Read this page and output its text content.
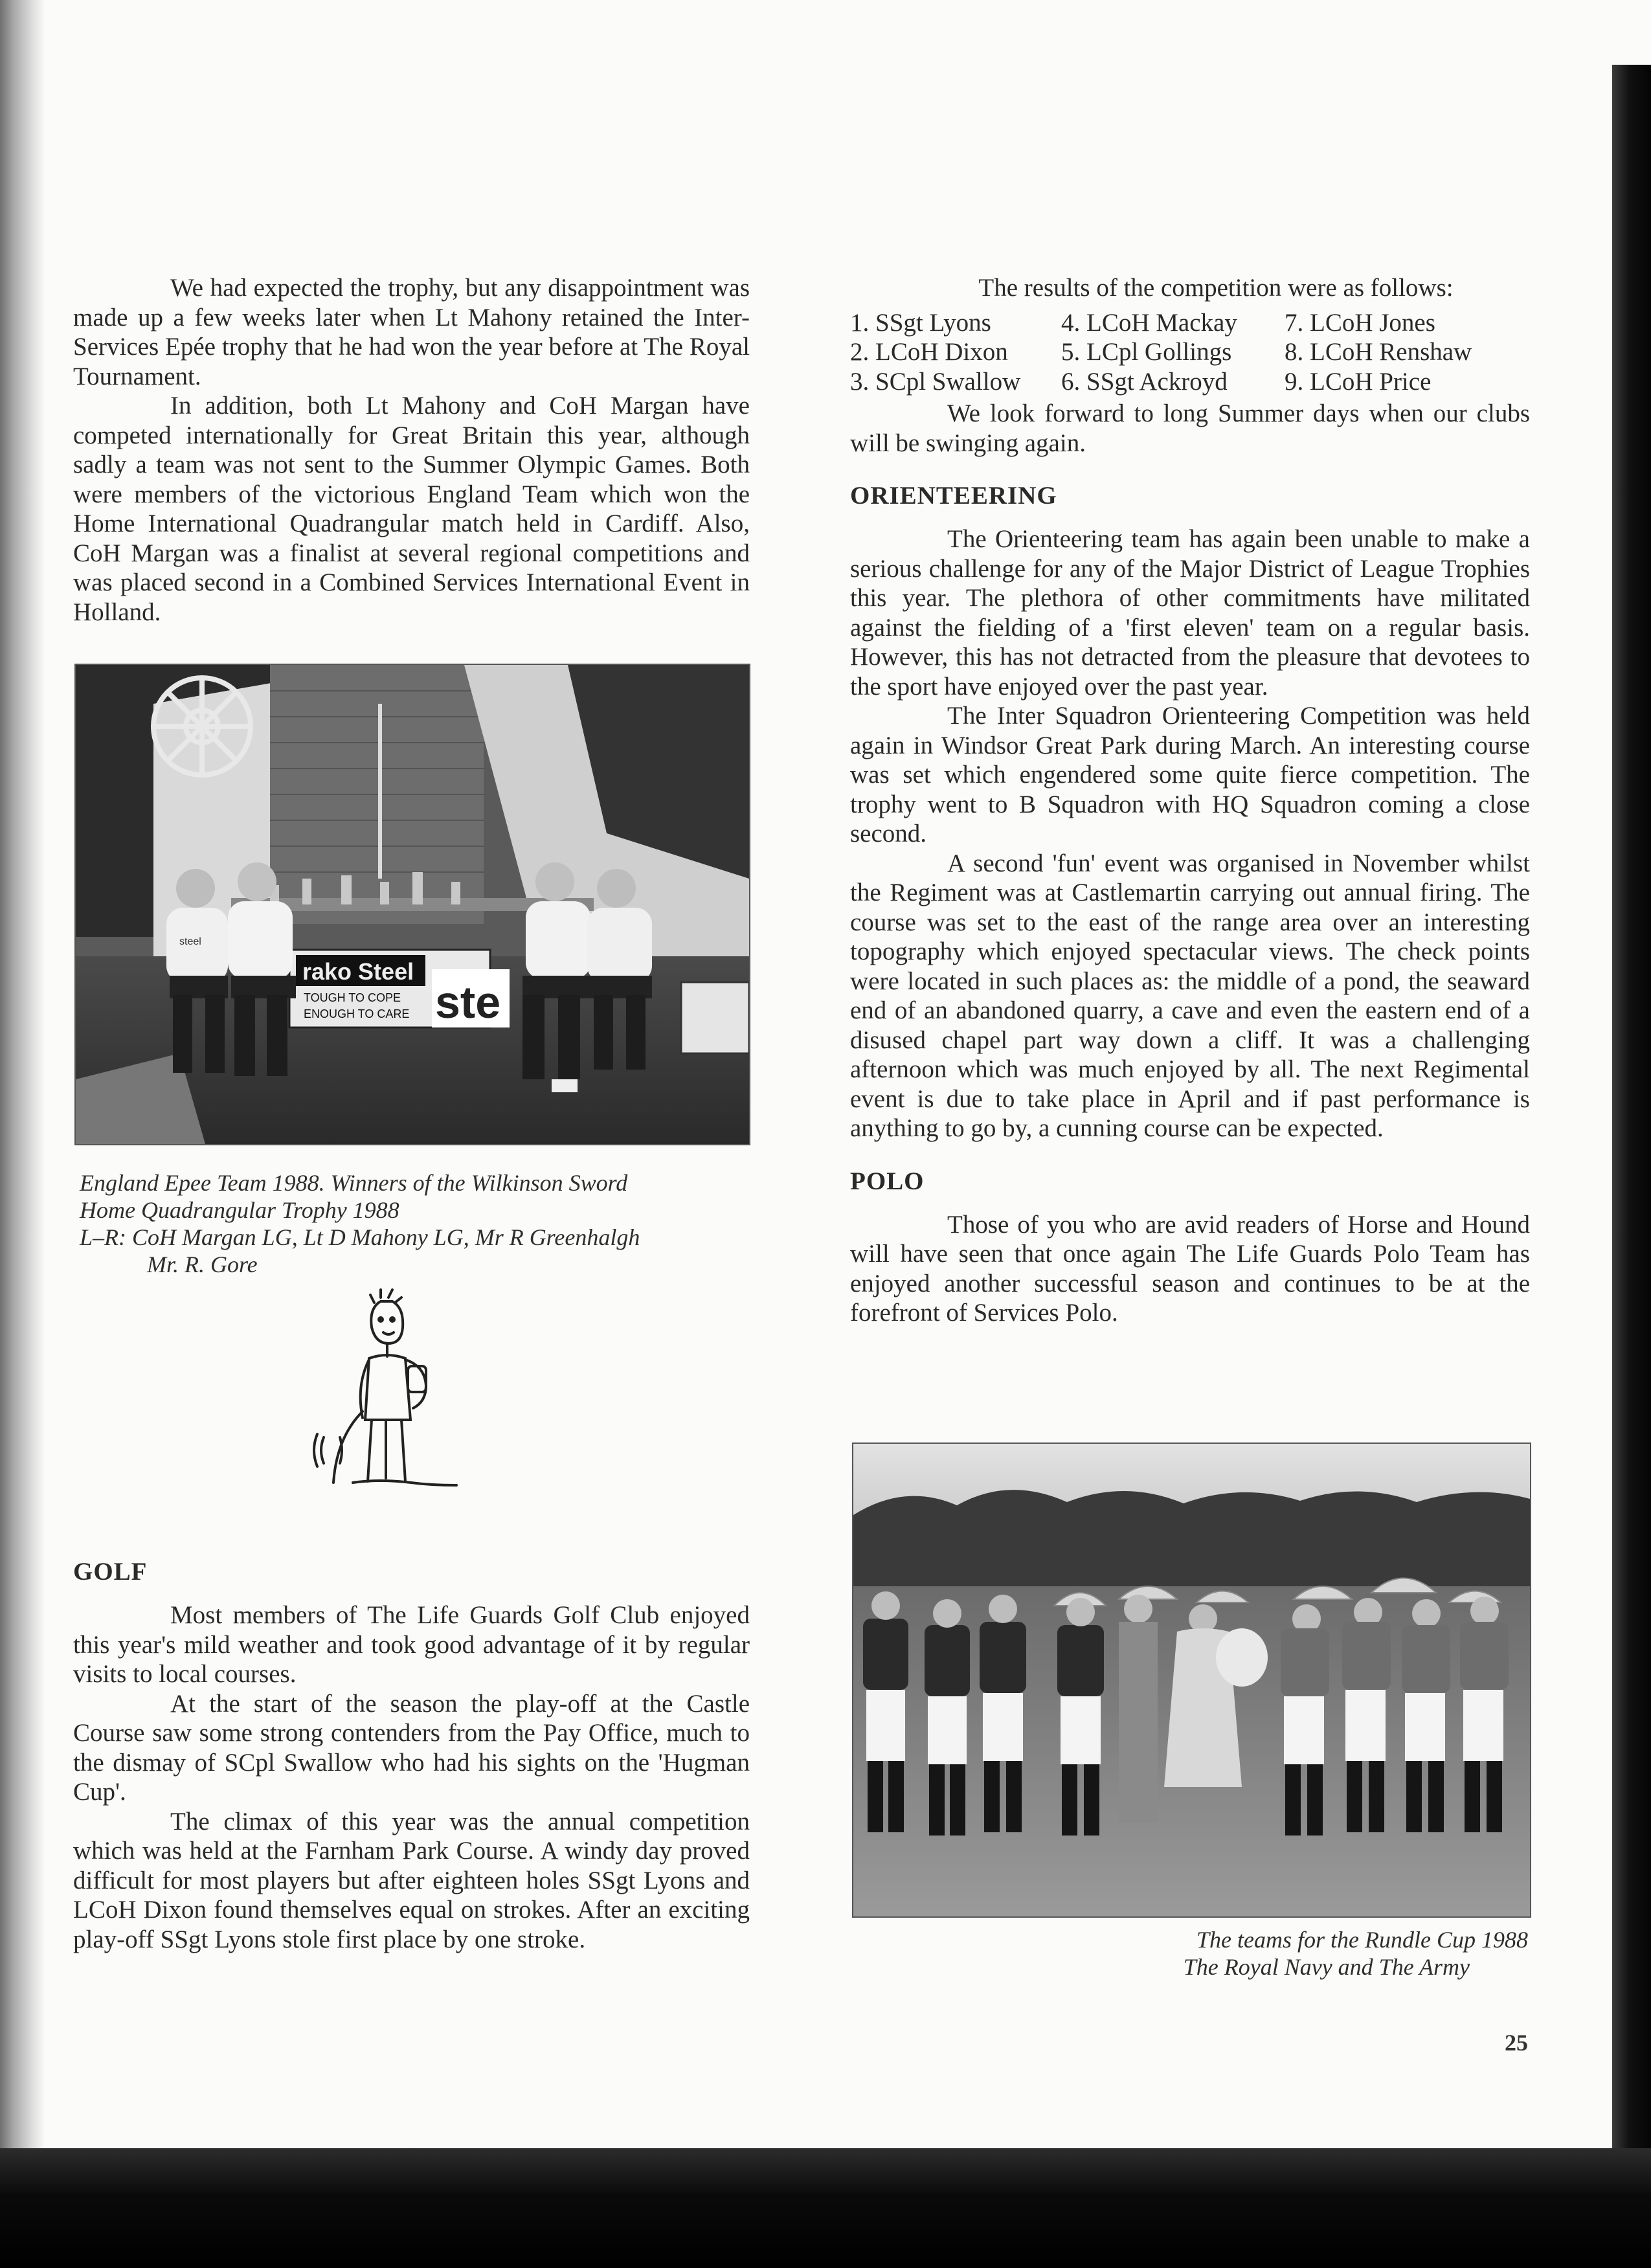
We had expected the trophy, but any disappointment was made up a few weeks later when Lt Mahony retained the Inter-Services Epée trophy that he had won the year before at The Royal Tournament.

In addition, both Lt Mahony and CoH Margan have competed internationally for Great Britain this year, although sadly a team was not sent to the Summer Olympic Games. Both were members of the victorious England Team which won the Home International Quadrangular match held in Cardiff. Also, CoH Margan was a finalist at several regional competitions and was placed second in a Combined Services International Event in Holland.

rako Steel
TOUGH TO COPE
ENOUGH TO CARE ste
steel
England Epee Team 1988. Winners of the Wilkinson Sword
Home Quadrangular Trophy 1988
L–R: CoH Margan LG, Lt D Mahony LG, Mr R Greenhalgh
Mr. R. Gore
GOLF

Most members of The Life Guards Golf Club enjoyed this year's mild weather and took good advantage of it by regular visits to local courses.

At the start of the season the play-off at the Castle Course saw some strong contenders from the Pay Office, much to the dismay of SCpl Swallow who had his sights on the 'Hugman Cup'.

The climax of this year was the annual competition which was held at the Farnham Park Course. A windy day proved difficult for most players but after eighteen holes SSgt Lyons and LCoH Dixon found themselves equal on strokes. After an exciting play-off SSgt Lyons stole first place by one stroke.

The results of the competition were as follows:

1. SSgt Lyons	4. LCoH Mackay	7. LCoH Jones
2. LCoH Dixon	5. LCpl Gollings	8. LCoH Renshaw
3. SCpl Swallow	6. SSgt Ackroyd	9. LCoH Price

We look forward to long Summer days when our clubs will be swinging again.

ORIENTEERING

The Orienteering team has again been unable to make a serious challenge for any of the Major District of League Trophies this year. The plethora of other commitments have militated against the fielding of a 'first eleven' team on a regular basis. However, this has not detracted from the pleasure that devotees to the sport have enjoyed over the past year.

The Inter Squadron Orienteering Competition was held again in Windsor Great Park during March. An interesting course was set which engendered some quite fierce competition. The trophy went to B Squadron with HQ Squadron coming a close second.

A second 'fun' event was organised in November whilst the Regiment was at Castlemartin carrying out annual firing. The course was set to the east of the range area over an interesting topography which enjoyed spectacular views. The check points were located in such places as: the middle of a pond, the seaward end of an abandoned quarry, a cave and even the eastern end of a disused chapel part way down a cliff. It was a challenging afternoon which was much enjoyed by all. The next Regimental event is due to take place in April and if past performance is anything to go by, a cunning course can be expected.

POLO

Those of you who are avid readers of Horse and Hound will have seen that once again The Life Guards Polo Team has enjoyed another successful season and continues to be at the forefront of Services Polo.

The teams for the Rundle Cup 1988
The Royal Navy and The Army
25
